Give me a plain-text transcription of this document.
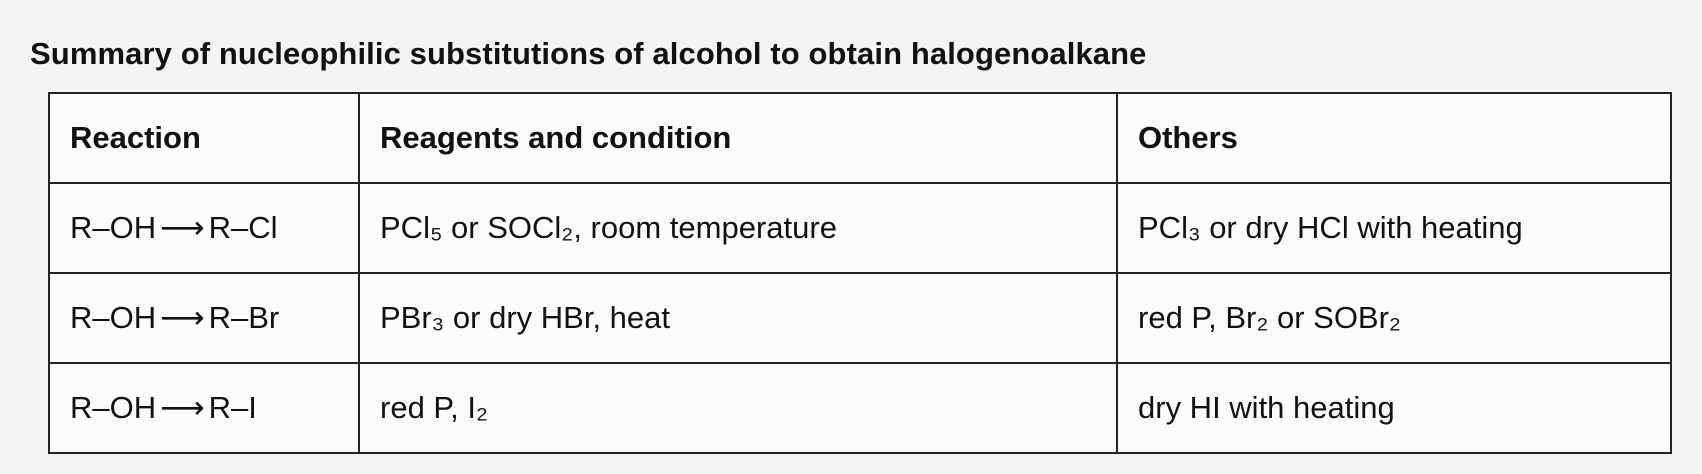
Summary of nucleophilic substitutions of alcohol to obtain halogenoalkane
Reaction	Reagents and condition	Others
R–OH ⟶ R–Cl	PCl₅ or SOCl₂, room temperature	PCl₃ or dry HCl with heating
R–OH ⟶ R–Br	PBr₃ or dry HBr, heat	red P, Br₂ or SOBr₂
R–OH ⟶ R–I	red P, I₂	dry HI with heating
